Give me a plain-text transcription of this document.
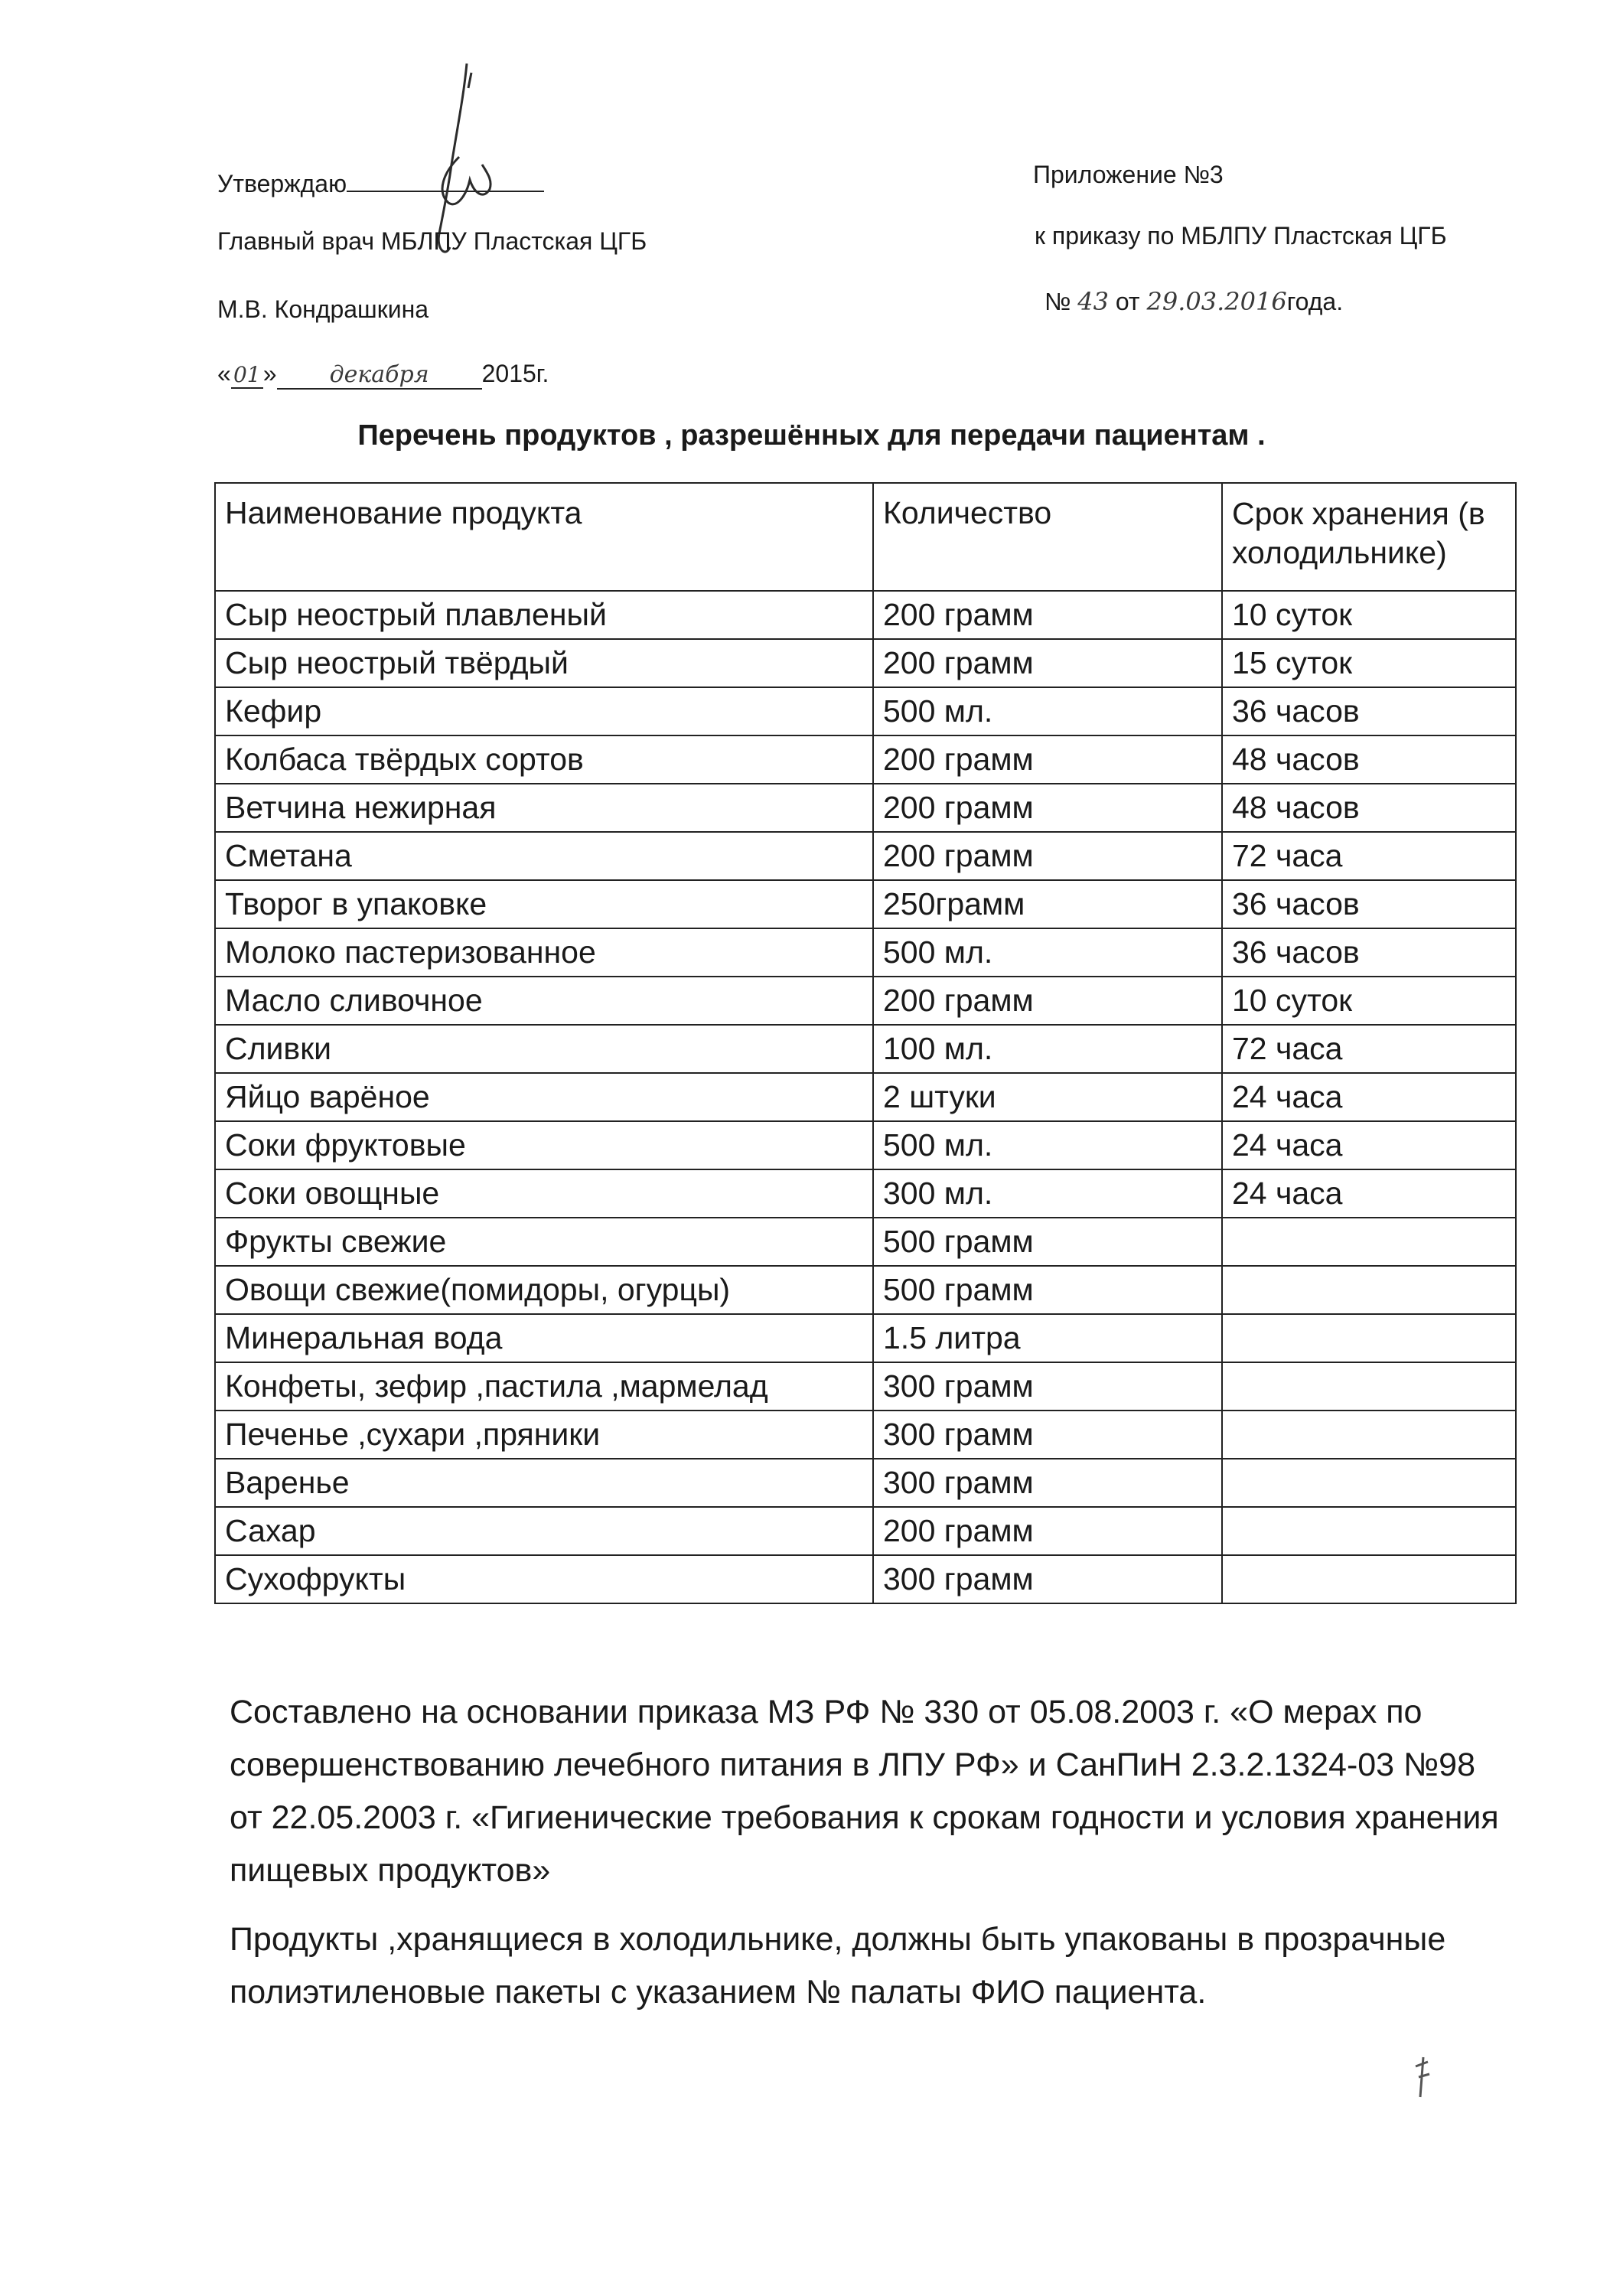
Утверждаю
Главный врач МБЛПУ Пластская ЦГБ
М.В. Кондрашкина
« 01» декабря 2015г.
Приложение №3
к приказу по МБЛПУ Пластская ЦГБ
№ 43 от 29.03.2016года.
Перечень продуктов , разрешённых для передачи пациентам .
Наименование продукта	Количество	Срок хранения (в холодильнике)
Сыр неострый плавленый	200 грамм	10 суток
Сыр неострый твёрдый	200 грамм	15 суток
Кефир	500 мл.	36 часов
Колбаса твёрдых сортов	200 грамм	48 часов
Ветчина нежирная	200 грамм	48 часов
Сметана	200 грамм	72 часа
Творог в упаковке	250грамм	36 часов
Молоко пастеризованное	500 мл.	36 часов
Масло сливочное	200 грамм	10 суток
Сливки	100 мл.	72 часа
Яйцо варёное	2 штуки	24 часа
Соки фруктовые	500 мл.	24 часа
Соки овощные	300 мл.	24 часа
Фрукты свежие	500 грамм	
Овощи свежие(помидоры, огурцы)	500 грамм	
Минеральная вода	1.5 литра	
Конфеты, зефир ,пастила ,мармелад	300 грамм	
Печенье ,сухари ,пряники	300 грамм	
Варенье	300 грамм	
Сахар	200 грамм	
Сухофрукты	300 грамм	
Составлено на основании приказа МЗ РФ № 330 от 05.08.2003 г. «О мерах по совершенствованию лечебного питания в ЛПУ РФ» и СанПиН 2.3.2.1324-03 №98 от 22.05.2003 г. «Гигиенические требования к срокам годности и условия хранения пищевых продуктов»
Продукты ,хранящиеся в холодильнике, должны быть упакованы в прозрачные полиэтиленовые пакеты с указанием № палаты ФИО пациента.
